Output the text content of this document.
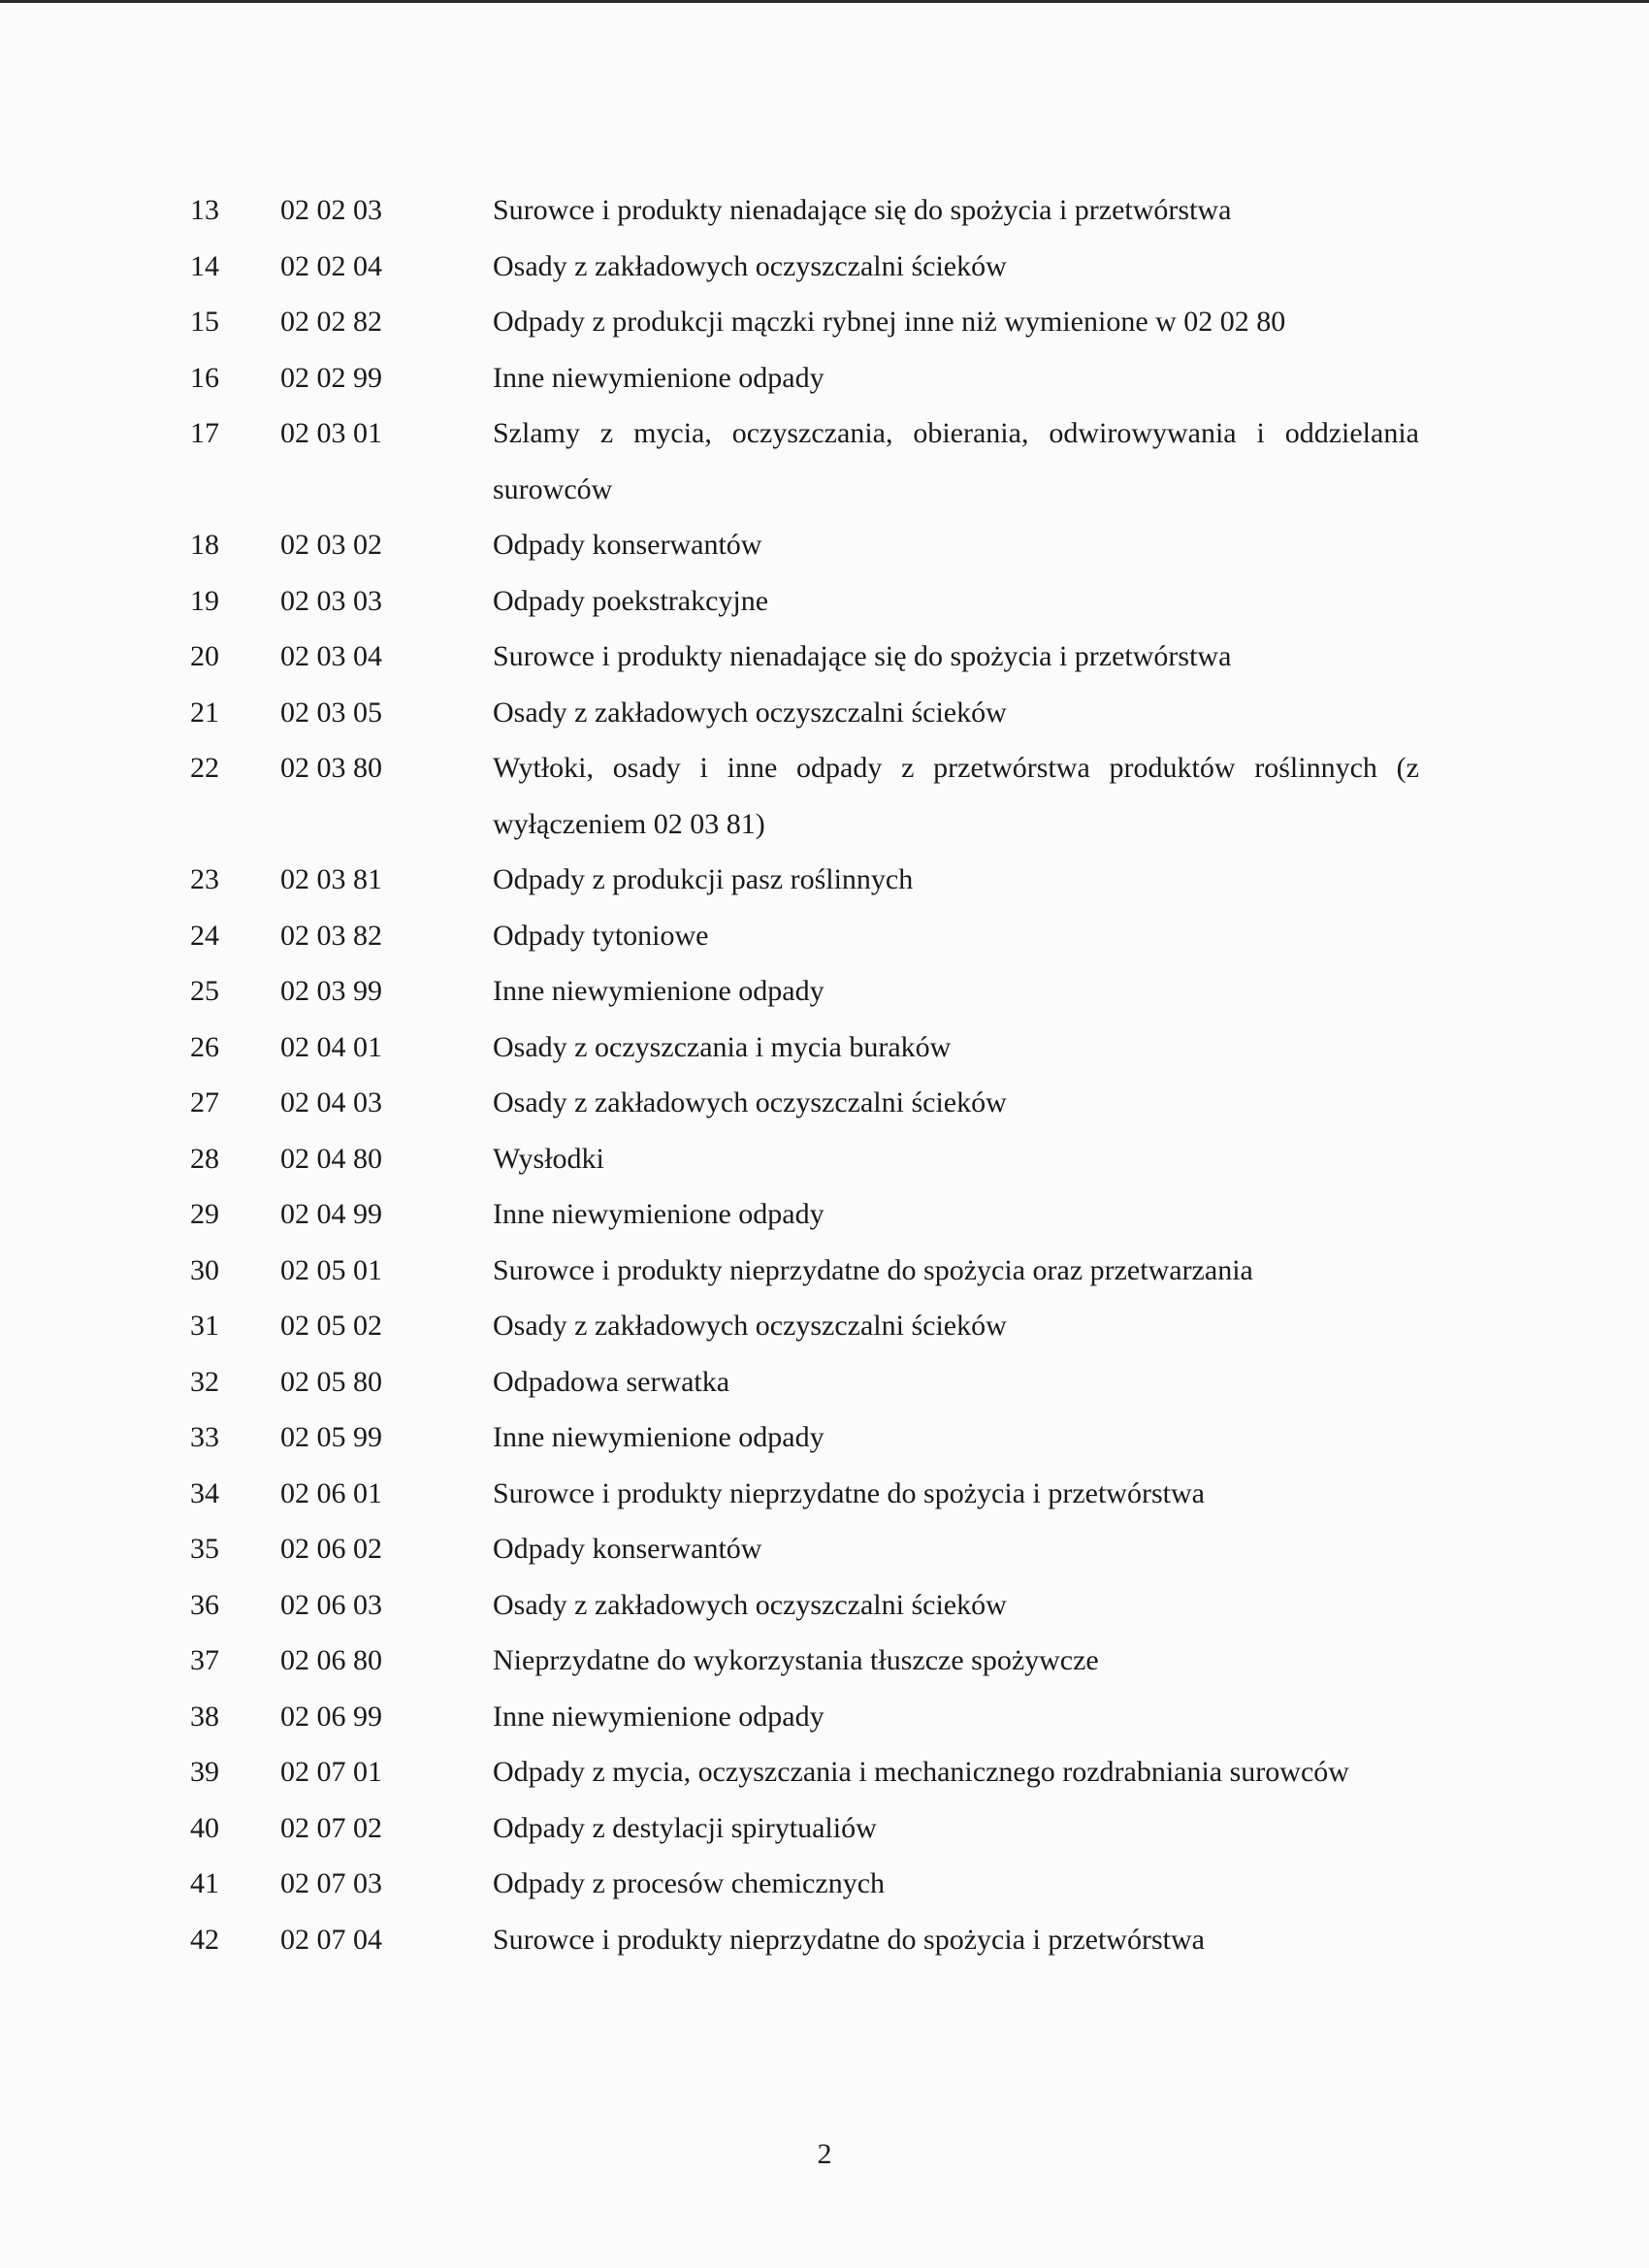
13	02 02 03	Surowce i produkty nienadające się do spożycia i przetwórstwa
14	02 02 04	Osady z zakładowych oczyszczalni ścieków
15	02 02 82	Odpady z produkcji mączki rybnej inne niż wymienione w 02 02 80
16	02 02 99	Inne niewymienione odpady
17	02 03 01	Szlamy z mycia, oczyszczania, obierania, odwirowywania i oddzielania surowców
18	02 03 02	Odpady konserwantów
19	02 03 03	Odpady poekstrakcyjne
20	02 03 04	Surowce i produkty nienadające się do spożycia i przetwórstwa
21	02 03 05	Osady z zakładowych oczyszczalni ścieków
22	02 03 80	Wytłoki, osady i inne odpady z przetwórstwa produktów roślinnych (z wyłączeniem 02 03 81)
23	02 03 81	Odpady z produkcji pasz roślinnych
24	02 03 82	Odpady tytoniowe
25	02 03 99	Inne niewymienione odpady
26	02 04 01	Osady z oczyszczania i mycia buraków
27	02 04 03	Osady z zakładowych oczyszczalni ścieków
28	02 04 80	Wysłodki
29	02 04 99	Inne niewymienione odpady
30	02 05 01	Surowce i produkty nieprzydatne do spożycia oraz przetwarzania
31	02 05 02	Osady z zakładowych oczyszczalni ścieków
32	02 05 80	Odpadowa serwatka
33	02 05 99	Inne niewymienione odpady
34	02 06 01	Surowce i produkty nieprzydatne do spożycia i przetwórstwa
35	02 06 02	Odpady konserwantów
36	02 06 03	Osady z zakładowych oczyszczalni ścieków
37	02 06 80	Nieprzydatne do wykorzystania tłuszcze spożywcze
38	02 06 99	Inne niewymienione odpady
39	02 07 01	Odpady z mycia, oczyszczania i mechanicznego rozdrabniania surowców
40	02 07 02	Odpady z destylacji spirytualiów
41	02 07 03	Odpady z procesów chemicznych
42	02 07 04	Surowce i produkty nieprzydatne do spożycia i przetwórstwa
2
